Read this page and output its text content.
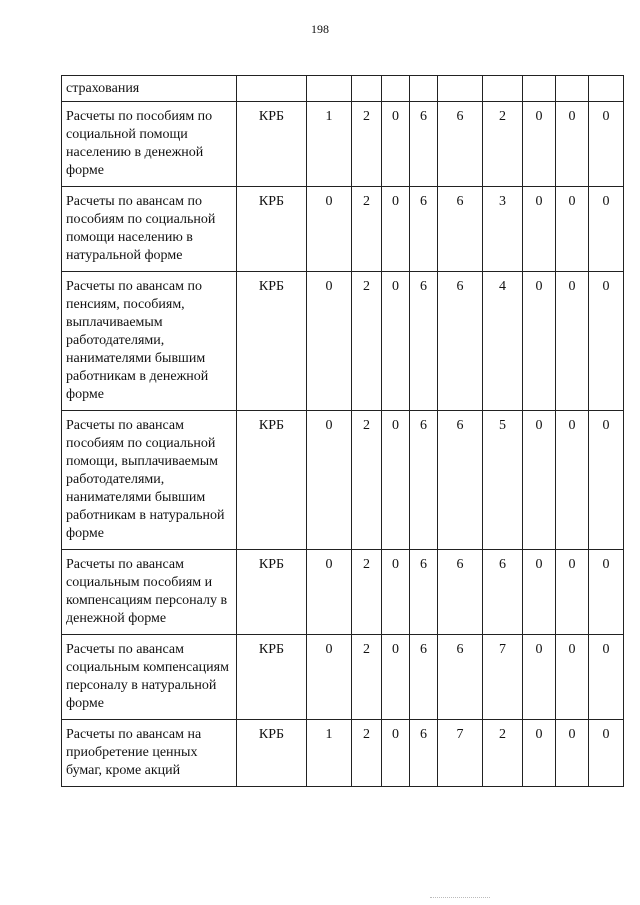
198
страхования										
Расчеты по пособиям по социальной помощи населению в денежной форме	КРБ	1	2	0	6	6	2	0	0	0
Расчеты по авансам по пособиям по социальной помощи населению в натуральной форме	КРБ	0	2	0	6	6	3	0	0	0
Расчеты по авансам по пенсиям, пособиям, выплачиваемым работодателями, нанимателями бывшим работникам в денежной форме	КРБ	0	2	0	6	6	4	0	0	0
Расчеты по авансам пособиям по социальной помощи, выплачиваемым работодателями, нанимателями бывшим работникам в натуральной форме	КРБ	0	2	0	6	6	5	0	0	0
Расчеты по авансам социальным пособиям и компенсациям персоналу в денежной форме	КРБ	0	2	0	6	6	6	0	0	0
Расчеты по авансам социальным компенсациям персоналу в натуральной форме	КРБ	0	2	0	6	6	7	0	0	0
Расчеты по авансам на приобретение ценных бумаг, кроме акций	КРБ	1	2	0	6	7	2	0	0	0
